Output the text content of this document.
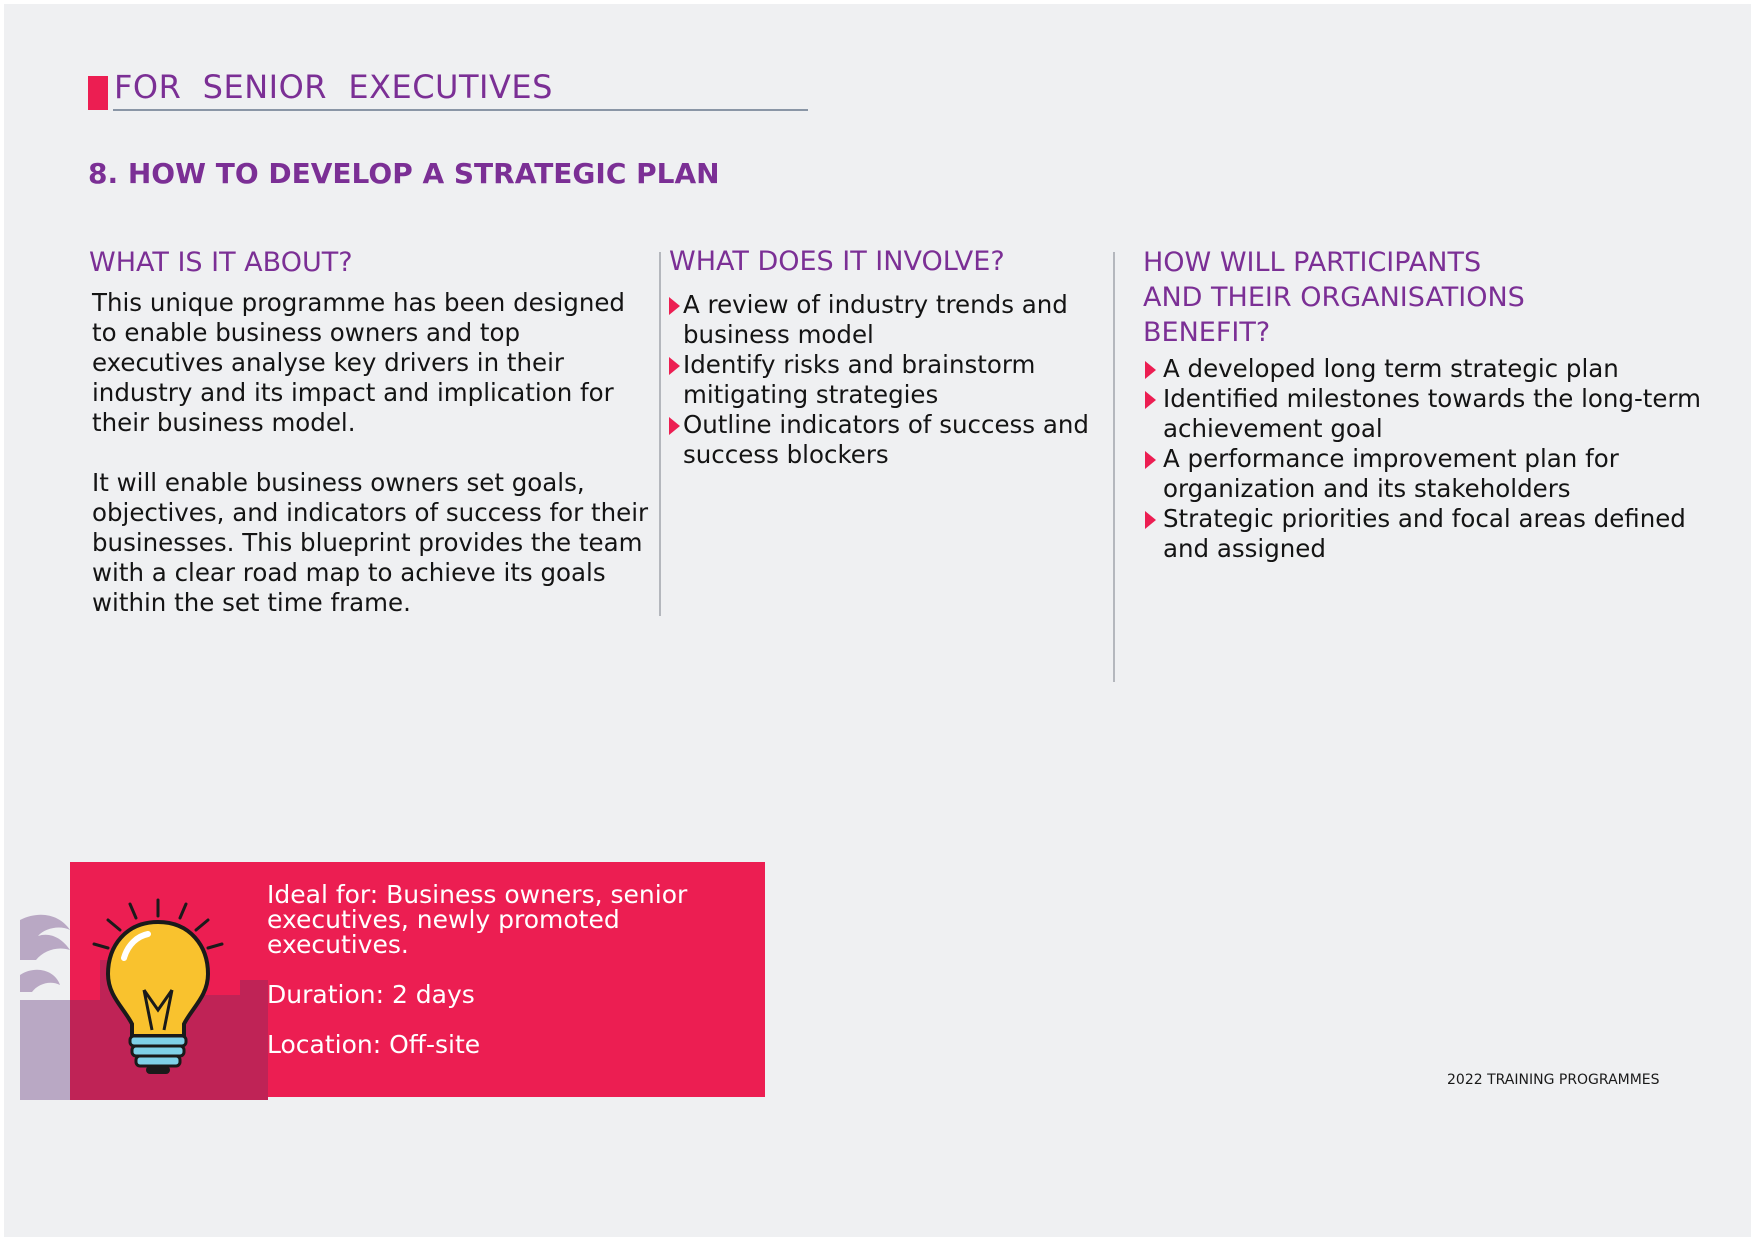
FOR  SENIOR  EXECUTIVES
8. HOW TO DEVELOP A STRATEGIC PLAN
WHAT IS IT ABOUT?

This unique programme has been designed to enable business owners and top executives analyse key drivers in their industry and its impact and implication for their business model.

It will enable business owners set goals, objectives, and indicators of success for their businesses. This blueprint provides the team with a clear road map to achieve its goals within the set time frame.

WHAT DOES IT INVOLVE?
A review of industry trends and business model
Identify risks and brainstorm mitigating strategies
Outline indicators of success and success blockers
HOW WILL PARTICIPANTS AND THEIR ORGANISATIONS BENEFIT?
A developed long term strategic plan
Identified milestones towards the long-term achievement goal
A performance improvement plan for organization and its stakeholders
Strategic priorities and focal areas defined and assigned

Ideal for: Business owners, senior executives, newly promoted executives.

Duration: 2 days

Location: Off-site

2022 TRAINING PROGRAMMES
